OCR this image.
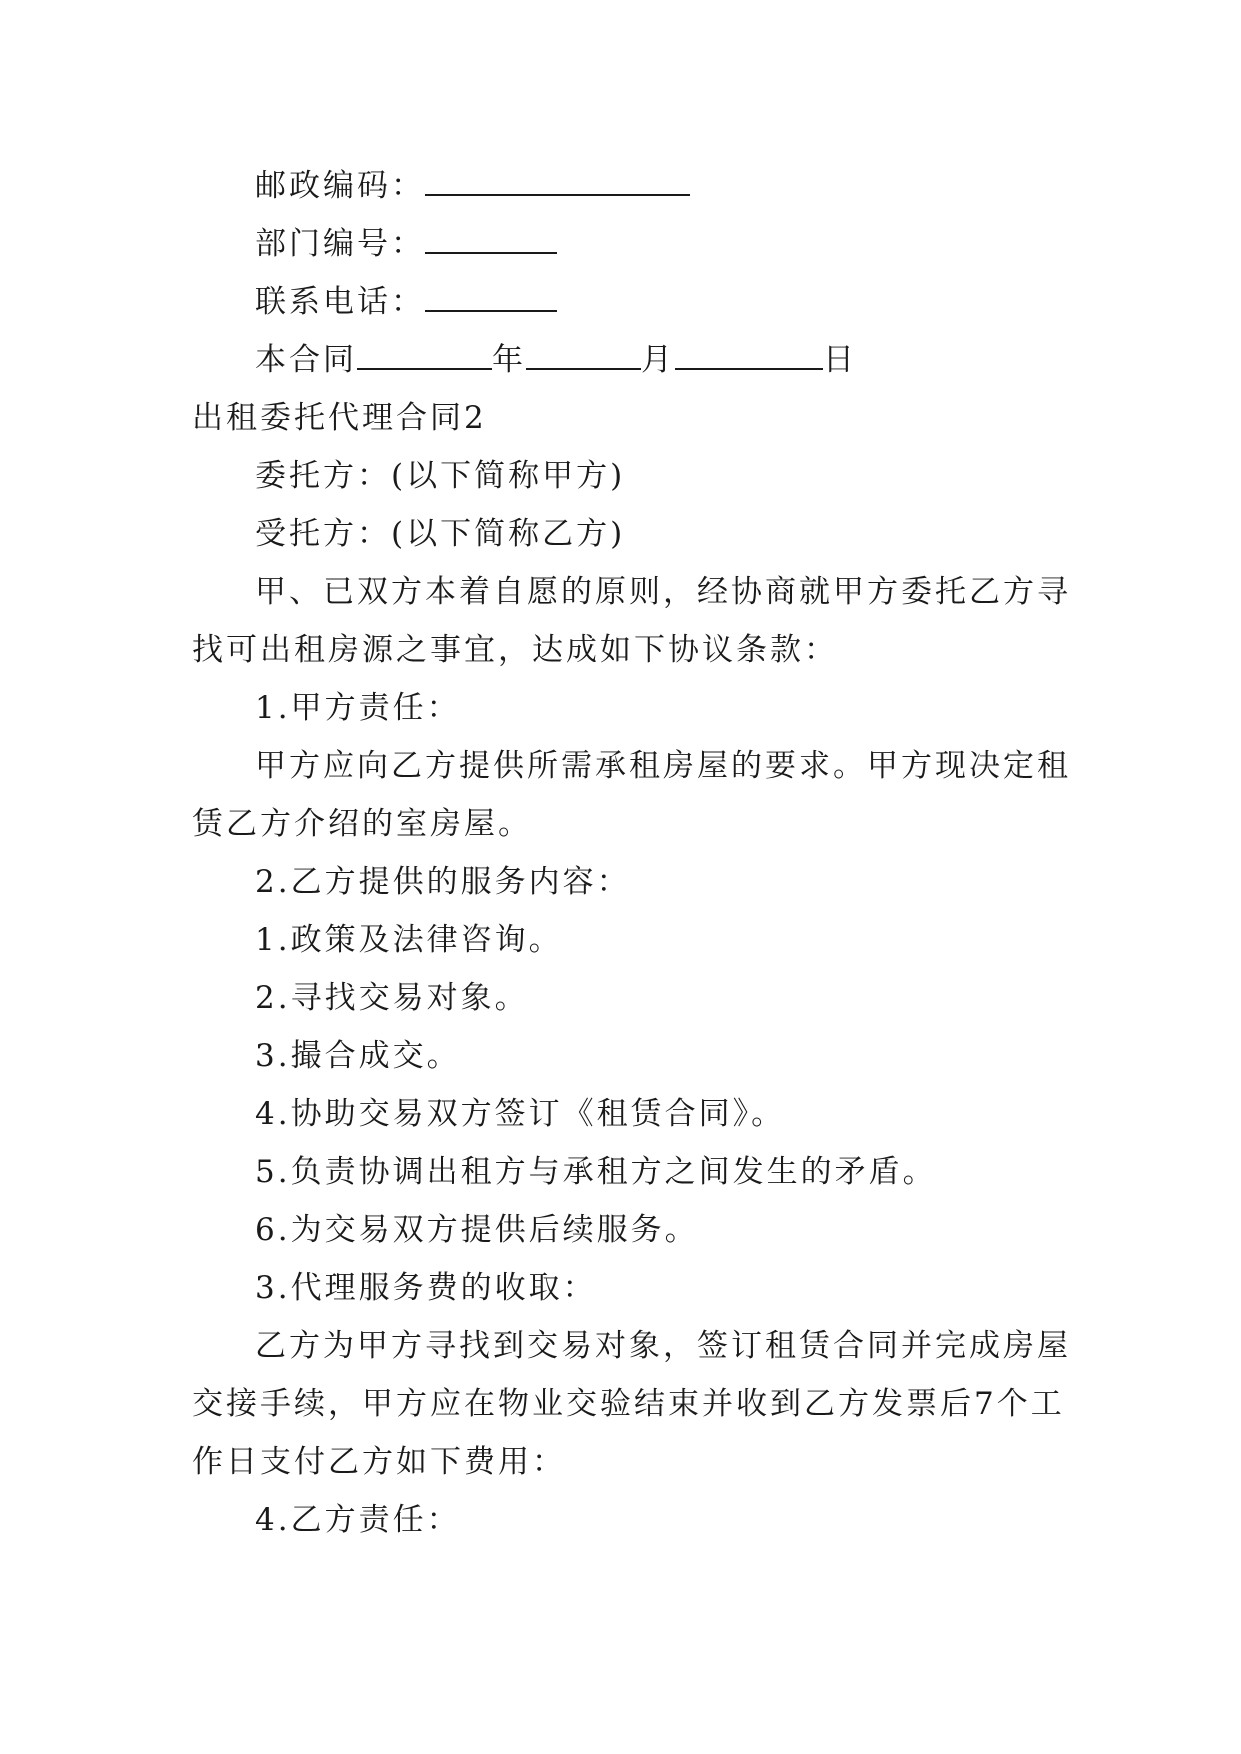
邮政编码：
部门编号：
联系电话：
本合同	年	月	日
出租委托代理合同2
委托方：(以下简称甲方)
受托方：(以下简称乙方)
甲、已双方本着自愿的原则，经协商就甲方委托乙方寻
找可出租房源之事宜，达成如下协议条款：
1.甲方责任：
甲方应向乙方提供所需承租房屋的要求。甲方现决定租
赁乙方介绍的室房屋。
2.乙方提供的服务内容：
1.政策及法律咨询。
2.寻找交易对象。
3.撮合成交。
4.协助交易双方签订《租赁合同》。
5.负责协调出租方与承租方之间发生的矛盾。
6.为交易双方提供后续服务。
3.代理服务费的收取：
乙方为甲方寻找到交易对象，签订租赁合同并完成房屋
交接手续，甲方应在物业交验结束并收到乙方发票后7个工
作日支付乙方如下费用：
4.乙方责任：
